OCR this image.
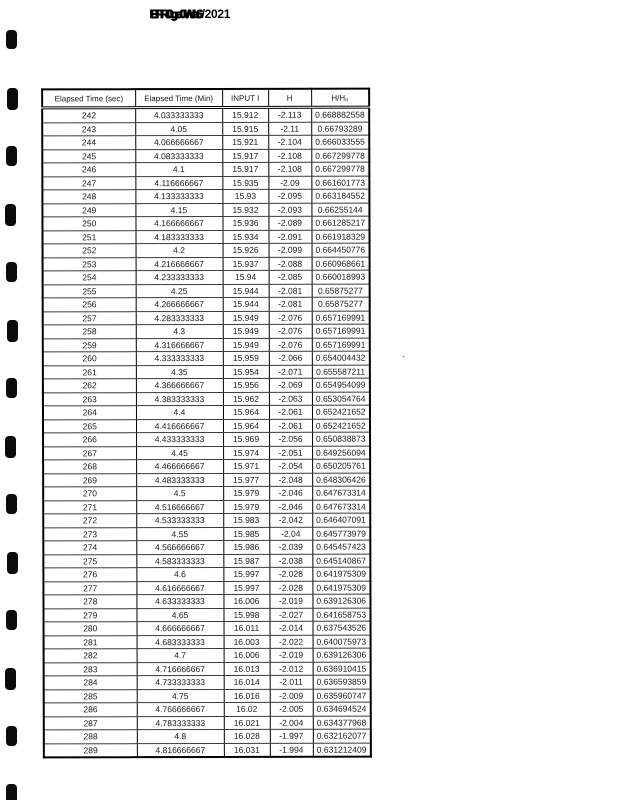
EFR0ge0Wa6/2021
Elapsed Time (sec)	Elapsed Time (Min)	INPUT I	H	H/H₀
242	4.033333333	15.912	-2.113	0.668882558
243	4.05	15.915	-2.11	0.66793289
244	4.066666667	15.921	-2.104	0.666033555
245	4.083333333	15.917	-2.108	0.667299778
246	4.1	15.917	-2.108	0.667299778
247	4.116666667	15.935	-2.09	0.661601773
248	4.133333333	15.93	-2.095	0.663184552
249	4.15	15.932	-2.093	0.66255144
250	4.166666667	15.936	-2.089	0.661285217
251	4.183333333	15.934	-2.091	0.661918329
252	4.2	15.926	-2.099	0.664450776
253	4.216666667	15.937	-2.088	0.660968661
254	4.233333333	15.94	-2.085	0.660018993
255	4.25	15.944	-2.081	0.65875277
256	4.266666667	15.944	-2.081	0.65875277
257	4.283333333	15.949	-2.076	0.657169991
258	4.3	15.949	-2.076	0.657169991
259	4.316666667	15.949	-2.076	0.657169991
260	4.333333333	15.959	-2.066	0.654004432
261	4.35	15.954	-2.071	0.655587211
262	4.366666667	15.956	-2.069	0.654954099
263	4.383333333	15.962	-2.063	0.653054764
264	4.4	15.964	-2.061	0.652421652
265	4.416666667	15.964	-2.061	0.652421652
266	4.433333333	15.969	-2.056	0.650838873
267	4.45	15.974	-2.051	0.649256094
268	4.466666667	15.971	-2.054	0.650205761
269	4.483333333	15.977	-2.048	0.648306426
270	4.5	15.979	-2.046	0.647673314
271	4.516666667	15.979	-2.046	0.647673314
272	4.533333333	15.983	-2.042	0.646407091
273	4.55	15.985	-2.04	0.645773979
274	4.566666667	15.986	-2.039	0.645457423
275	4.583333333	15.987	-2.038	0.645140867
276	4.6	15.997	-2.028	0.641975309
277	4.616666667	15.997	-2.028	0.641975309
278	4.633333333	16.006	-2.019	0.639126306
279	4.65	15.998	-2.027	0.641658753
280	4.666666667	16.011	-2.014	0.637543526
281	4.683333333	16.003	-2.022	0.640075973
282	4.7	16.006	-2.019	0.639126306
283	4.716666667	16.013	-2.012	0.636910415
284	4.733333333	16.014	-2.011	0.636593859
285	4.75	16.016	-2.009	0.635960747
286	4.766666667	16.02	-2.005	0.634694524
287	4.783333333	16.021	-2.004	0.634377968
288	4.8	16.028	-1.997	0.632162077
289	4.816666667	16.031	-1.994	0.631212409
.
